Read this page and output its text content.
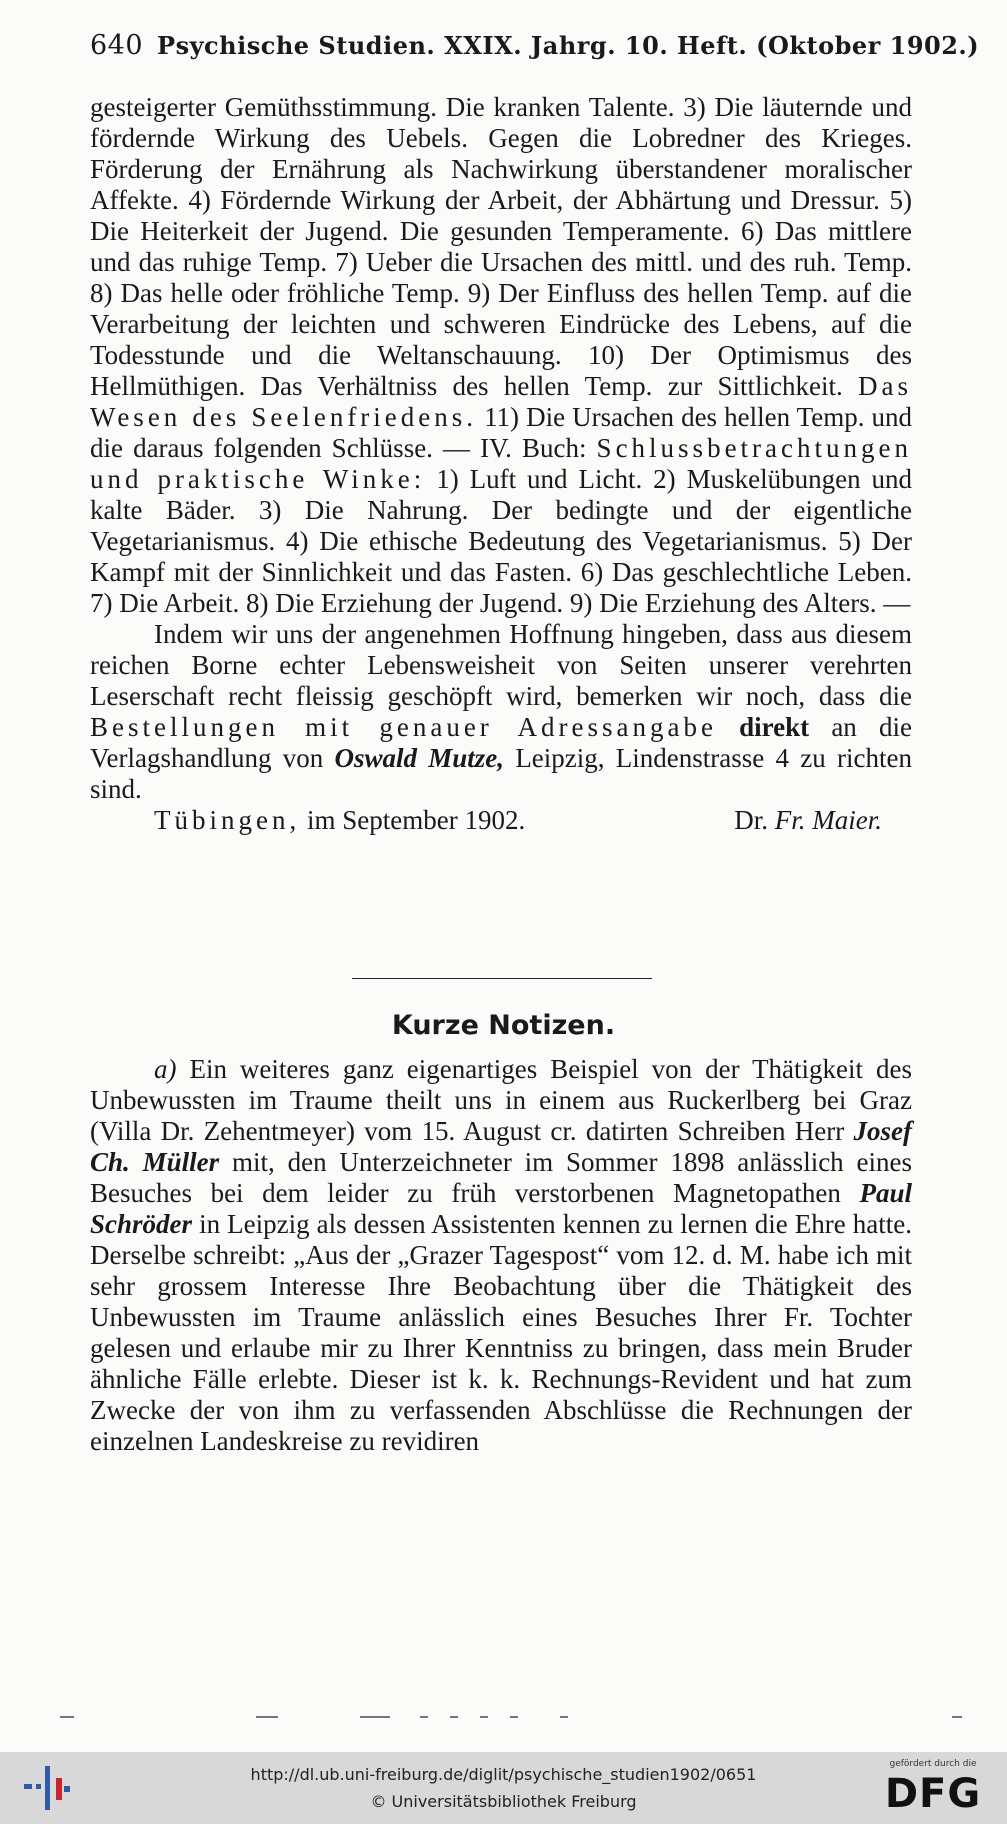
640 Psychische Studien. XXIX. Jahrg. 10. Heft. (Oktober 1902.)

gesteigerter Gemüthsstimmung. Die kranken Talente. 3) Die läuternde und fördernde Wirkung des Uebels. Gegen die Lobredner des Krieges. Förderung der Ernährung als Nachwirkung überstandener moralischer Affekte. 4) Fördernde Wirkung der Arbeit, der Abhärtung und Dressur. 5) Die Heiterkeit der Jugend. Die gesunden Temperamente. 6) Das mittlere und das ruhige Temp. 7) Ueber die Ursachen des mittl. und des ruh. Temp. 8) Das helle oder fröhliche Temp. 9) Der Einfluss des hellen Temp. auf die Verarbeitung der leichten und schweren Eindrücke des Lebens, auf die Todesstunde und die Weltanschauung. 10) Der Optimismus des Hellmüthigen. Das Verhältniss des hellen Temp. zur Sittlichkeit. Das Wesen des Seelenfriedens. 11) Die Ursachen des hellen Temp. und die daraus folgenden Schlüsse. — IV. Buch: Schlussbetrachtungen und praktische Winke: 1) Luft und Licht. 2) Muskelübungen und kalte Bäder. 3) Die Nahrung. Der bedingte und der eigentliche Vegetarianismus. 4) Die ethische Bedeutung des Vegetarianismus. 5) Der Kampf mit der Sinnlichkeit und das Fasten. 6) Das geschlechtliche Leben. 7) Die Arbeit. 8) Die Erziehung der Jugend. 9) Die Erziehung des Alters. —

Indem wir uns der angenehmen Hoffnung hingeben, dass aus diesem reichen Borne echter Lebensweisheit von Seiten unserer verehrten Leserschaft recht fleissig geschöpft wird, bemerken wir noch, dass die Bestellungen mit genauer Adressangabe direkt an die Verlagshandlung von Oswald Mutze, Leipzig, Lindenstrasse 4 zu richten sind.

Tübingen, im September 1902.	Dr. Fr. Maier.
Kurze Notizen.

a) Ein weiteres ganz eigenartiges Beispiel von der Thätigkeit des Unbewussten im Traume theilt uns in einem aus Ruckerlberg bei Graz (Villa Dr. Zehentmeyer) vom 15. August cr. datirten Schreiben Herr Josef Ch. Müller mit, den Unterzeichneter im Sommer 1898 anlässlich eines Besuches bei dem leider zu früh verstorbenen Magnetopathen Paul Schröder in Leipzig als dessen Assistenten kennen zu lernen die Ehre hatte. Derselbe schreibt: „Aus der „Grazer Tagespost“ vom 12. d. M. habe ich mit sehr grossem Interesse Ihre Beobachtung über die Thätigkeit des Unbewussten im Traume anlässlich eines Besuches Ihrer Fr. Tochter gelesen und erlaube mir zu Ihrer Kenntniss zu bringen, dass mein Bruder ähnliche Fälle erlebte. Dieser ist k. k. Rechnungs-Revident und hat zum Zwecke der von ihm zu verfassenden Abschlüsse die Rechnungen der einzelnen Landeskreise zu revidiren

http://dl.ub.uni-freiburg.de/diglit/psychische_studien1902/0651
© Universitätsbibliothek Freiburg
gefördert durch die
DFG
